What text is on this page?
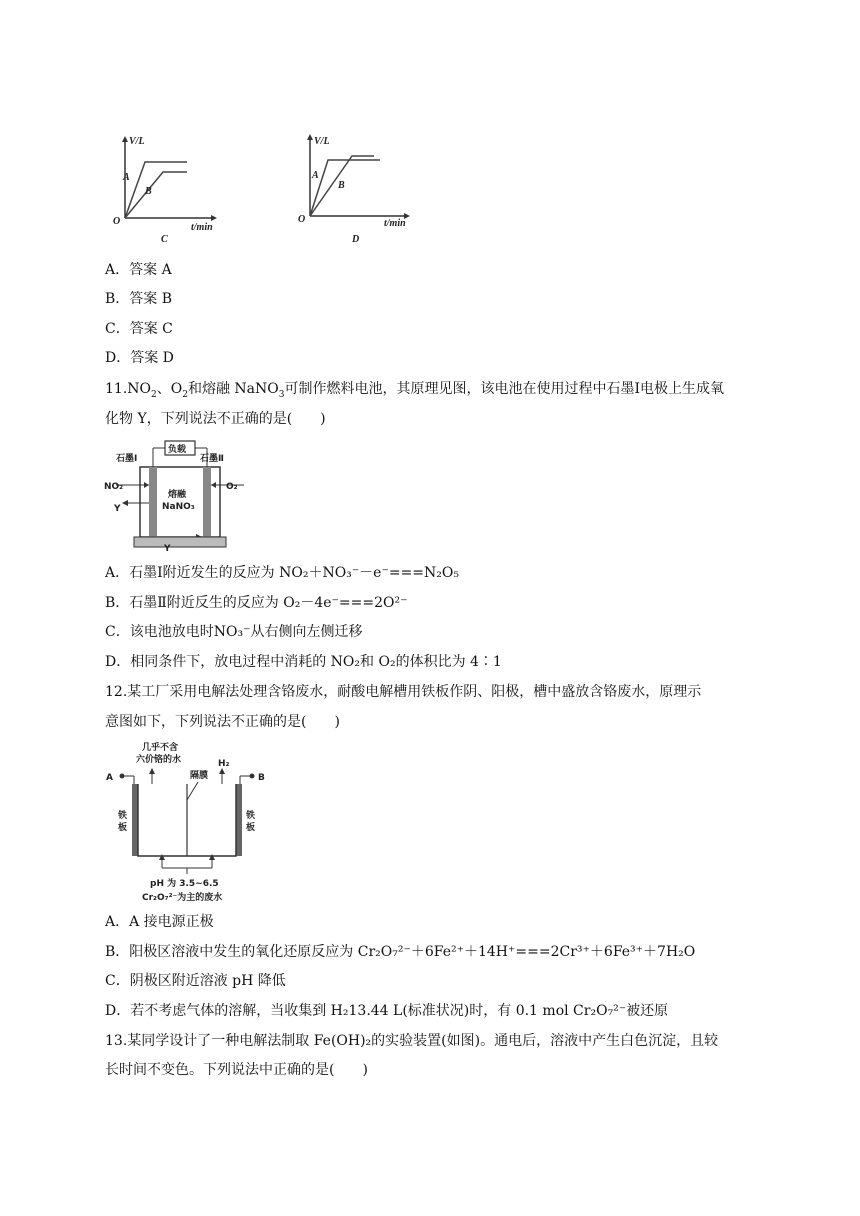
V/L
t/min
O
A
B
C
V/L
t/min
O
A
B
D
A．答案 A
B．答案 B
C．答案 C
D．答案 D
$11.NO_2$、$O_2$和熔融 NaNO$_3$可制作燃料电池，其原理见图，该电池在使用过程中石墨Ⅰ电极上生成氧
化物 Y，下列说法不正确的是(　　)
负载
石墨Ⅰ	石墨Ⅱ
NO₂	O₂
熔融
NaNO₃
Y
Y
A．石墨Ⅰ附近发生的反应为 NO₂＋NO₃⁻－e⁻===N₂O₅
B．石墨Ⅱ附近反生的反应为 O₂－4e⁻===2O²⁻
C．该电池放电时NO₃⁻从右侧向左侧迁移
D．相同条件下，放电过程中消耗的 NO₂和 O₂的体积比为 4∶1
12.某工厂采用电解法处理含铬废水，耐酸电解槽用铁板作阴、阳极，槽中盛放含铬废水，原理示
意图如下，下列说法不正确的是(　　)
几乎不含
六价铬的水
隔膜
H₂
A	B
铁
板
铁
板
pH 为 3.5~6.5
Cr₂O₇²⁻为主的废水
A．A 接电源正极
B．阳极区溶液中发生的氧化还原反应为 Cr₂O₇²⁻＋6Fe²⁺＋14H⁺===2Cr³⁺＋6Fe³⁺＋7H₂O
C．阴极区附近溶液 pH 降低
D．若不考虑气体的溶解，当收集到 H₂13.44 L(标准状况)时，有 0.1 mol Cr₂O₇²⁻被还原
13.某同学设计了一种电解法制取 Fe(OH)₂的实验装置(如图)。通电后，溶液中产生白色沉淀，且较
长时间不变色。下列说法中正确的是(　　)
